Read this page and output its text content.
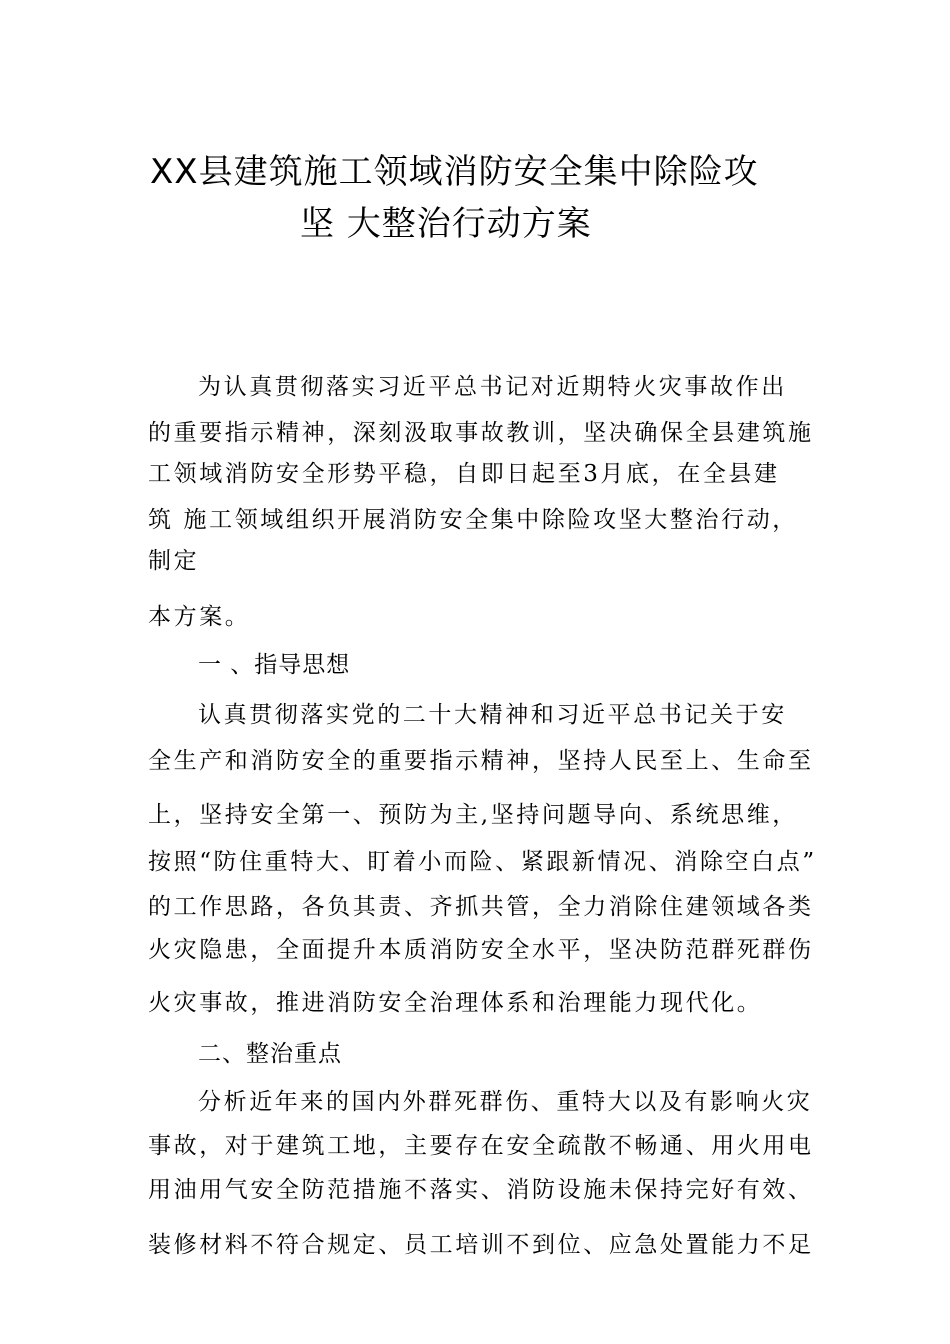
XX县建筑施工领域消防安全集中除险攻
坚 大整治行动方案
为认真贯彻落实习近平总书记对近期特火灾事故作出
的重要指示精神，深刻汲取事故教训，坚决确保全县建筑施
工领域消防安全形势平稳，自即日起至3月底，在全县建
筑 施工领域组织开展消防安全集中除险攻坚大整治行动，
制定
本方案。
一 、指导思想
认真贯彻落实党的二十大精神和习近平总书记关于安
全生产和消防安全的重要指示精神，坚持人民至上、生命至
上，坚持安全第一、预防为主,坚持问题导向、系统思维，
按照“防住重特大、盯着小而险、紧跟新情况、消除空白点”
的工作思路，各负其责、齐抓共管，全力消除住建领域各类
火灾隐患，全面提升本质消防安全水平，坚决防范群死群伤
火灾事故，推进消防安全治理体系和治理能力现代化。
二、整治重点
分析近年来的国内外群死群伤、重特大以及有影响火灾
事故，对于建筑工地，主要存在安全疏散不畅通、用火用电
用油用气安全防范措施不落实、消防设施未保持完好有效、
装修材料不符合规定、员工培训不到位、应急处置能力不足
